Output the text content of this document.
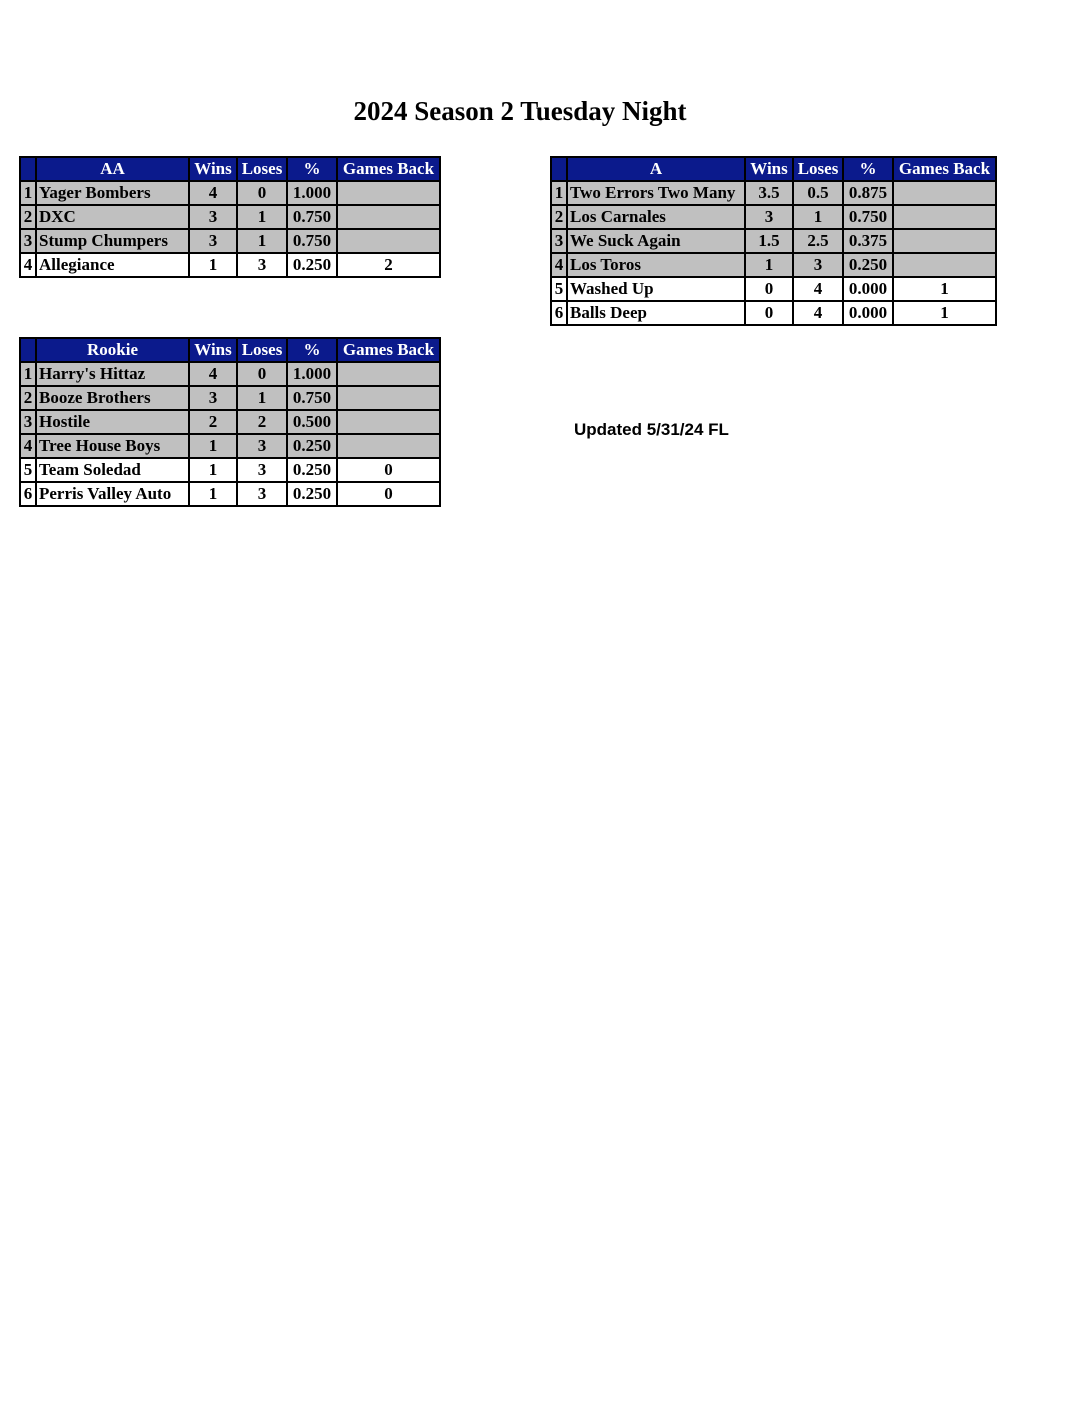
2024 Season 2 Tuesday Night
	AA	Wins	Loses	%	Games Back
1	Yager Bombers	4	0	1.000	
2	DXC	3	1	0.750	
3	Stump Chumpers	3	1	0.750	
4	Allegiance	1	3	0.250	2
	A	Wins	Loses	%	Games Back
1	Two Errors Two Many	3.5	0.5	0.875	
2	Los Carnales	3	1	0.750	
3	We Suck Again	1.5	2.5	0.375	
4	Los Toros	1	3	0.250	
5	Washed Up	0	4	0.000	1
6	Balls Deep	0	4	0.000	1
	Rookie	Wins	Loses	%	Games Back
1	Harry's Hittaz	4	0	1.000	
2	Booze Brothers	3	1	0.750	
3	Hostile	2	2	0.500	
4	Tree House Boys	1	3	0.250	
5	Team Soledad	1	3	0.250	0
6	Perris Valley Auto	1	3	0.250	0
Updated 5/31/24 FL
